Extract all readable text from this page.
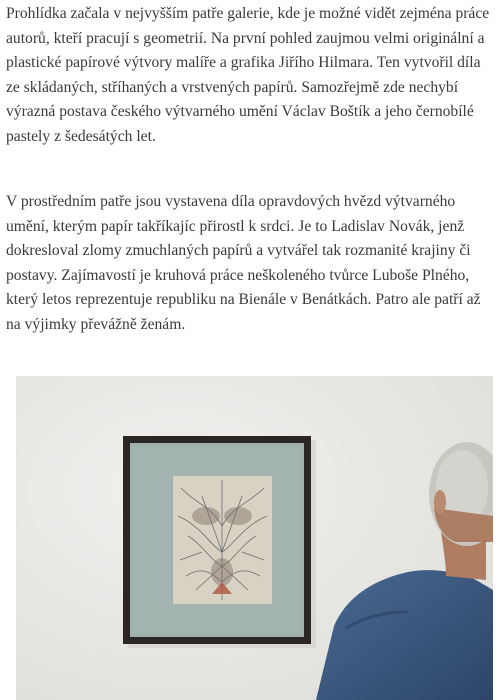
Prohlídka začala v nejvyšším patře galerie, kde je možné vidět zejména práce autorů, kteří pracují s geometrií. Na první pohled zaujmou velmi originální a plastické papírové výtvory malíře a grafika Jiřího Hilmara. Ten vytvořil díla ze skládaných, stříhaných a vrstvených papírů. Samozřejmě zde nechybí výrazná postava českého výtvarného umění Václav Boštík a jeho černobílé pastely z šedesátých let.

V prostředním patře jsou vystavena díla opravdových hvězd výtvarného umění, kterým papír takříkajíc přirostl k srdci. Je to Ladislav Novák, jenž dokresloval zlomy zmuchlaných papírů a vytvářel tak rozmanité krajiny či postavy. Zajímavostí je kruhová práce neškoleného tvůrce Luboše Plného, který letos reprezentuje republiku na Bienále v Benátkách. Patro ale patří až na výjimky převážně ženám.
